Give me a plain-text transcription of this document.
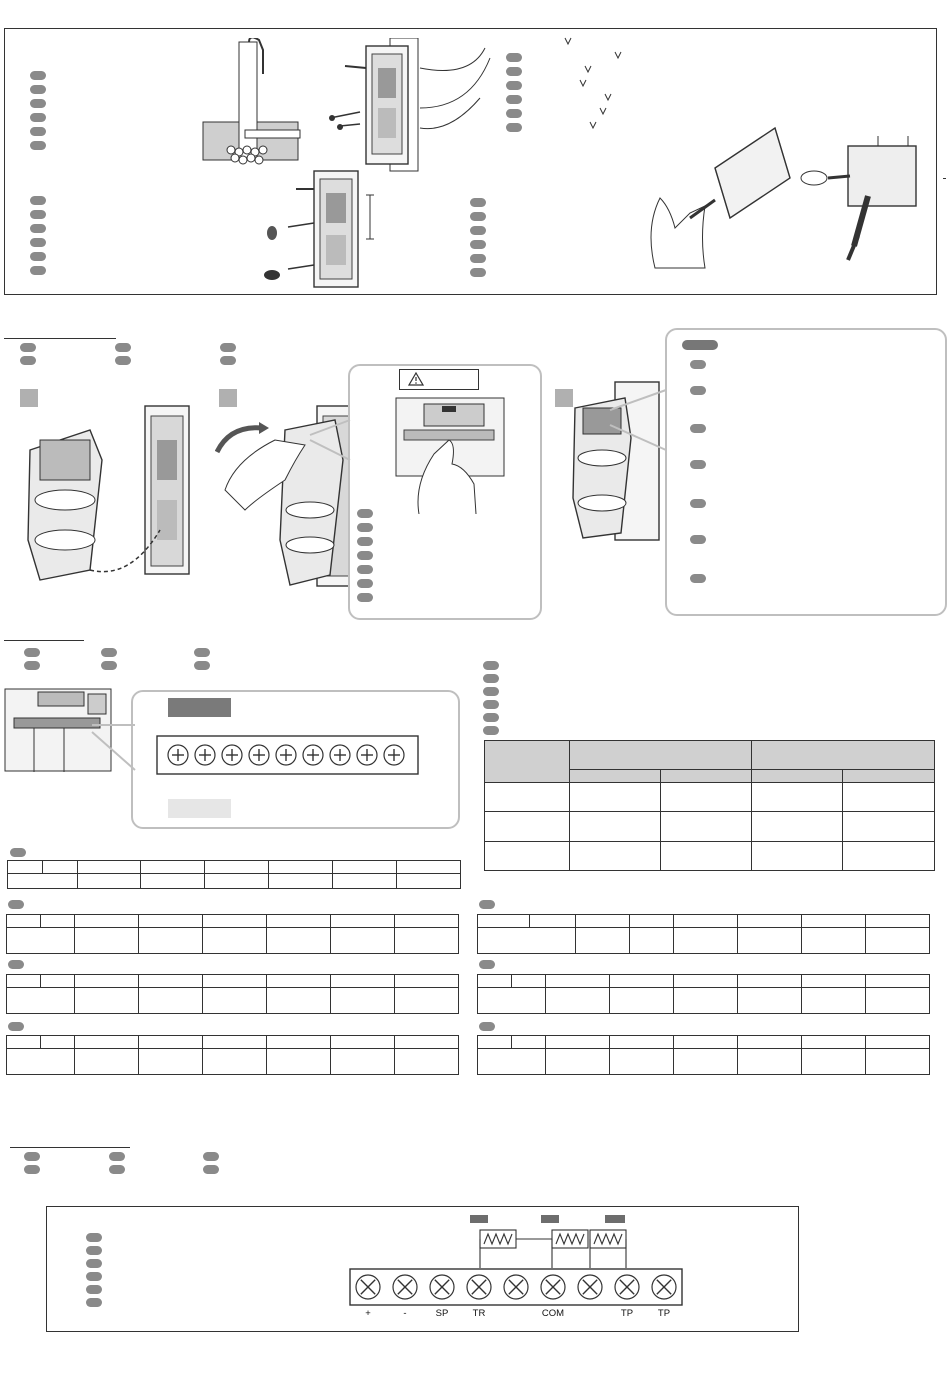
+	-	SP	TR	COM	TP	TP
